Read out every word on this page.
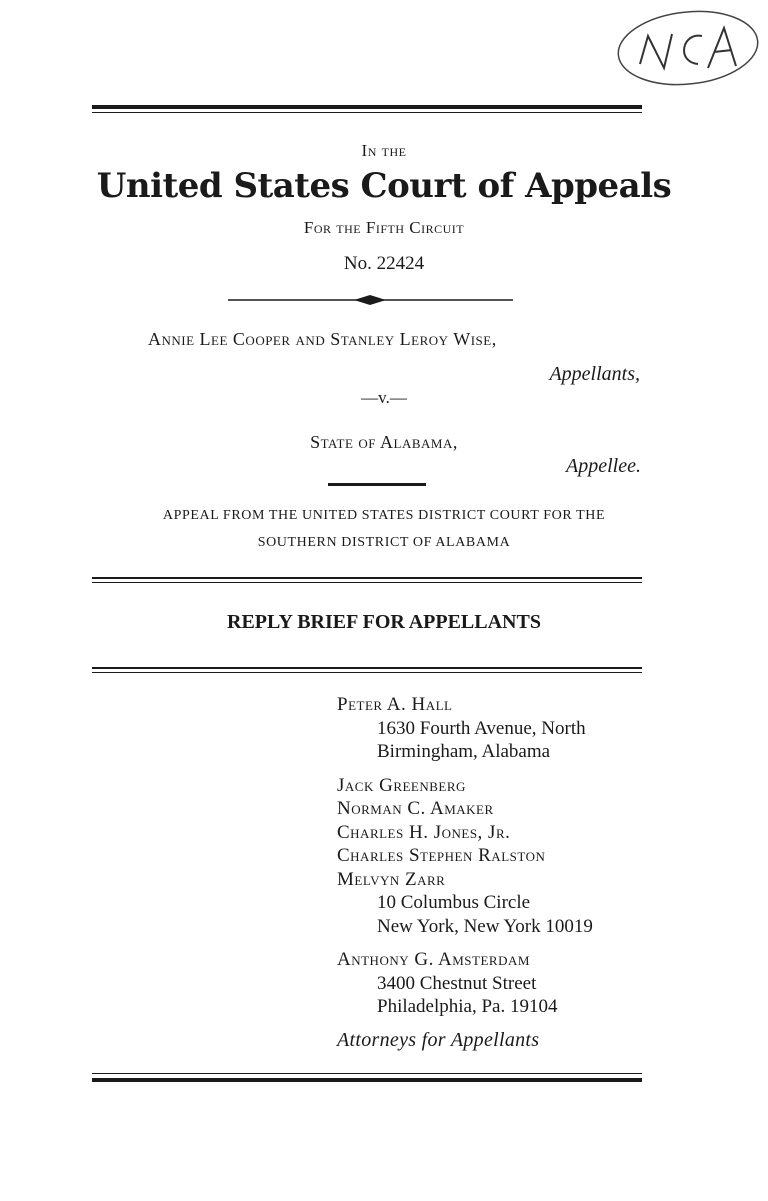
In the
United States Court of Appeals
For the Fifth Circuit
No. 22424
Annie Lee Cooper and Stanley Leroy Wise,
Appellants,
—v.—
State of Alabama,
Appellee.
APPEAL FROM THE UNITED STATES DISTRICT COURT FOR THE
SOUTHERN DISTRICT OF ALABAMA
REPLY BRIEF FOR APPELLANTS
Peter A. Hall
1630 Fourth Avenue, North
Birmingham, Alabama
Jack Greenberg
Norman C. Amaker
Charles H. Jones, Jr.
Charles Stephen Ralston
Melvyn Zarr
10 Columbus Circle
New York, New York 10019
Anthony G. Amsterdam
3400 Chestnut Street
Philadelphia, Pa. 19104
Attorneys for Appellants
